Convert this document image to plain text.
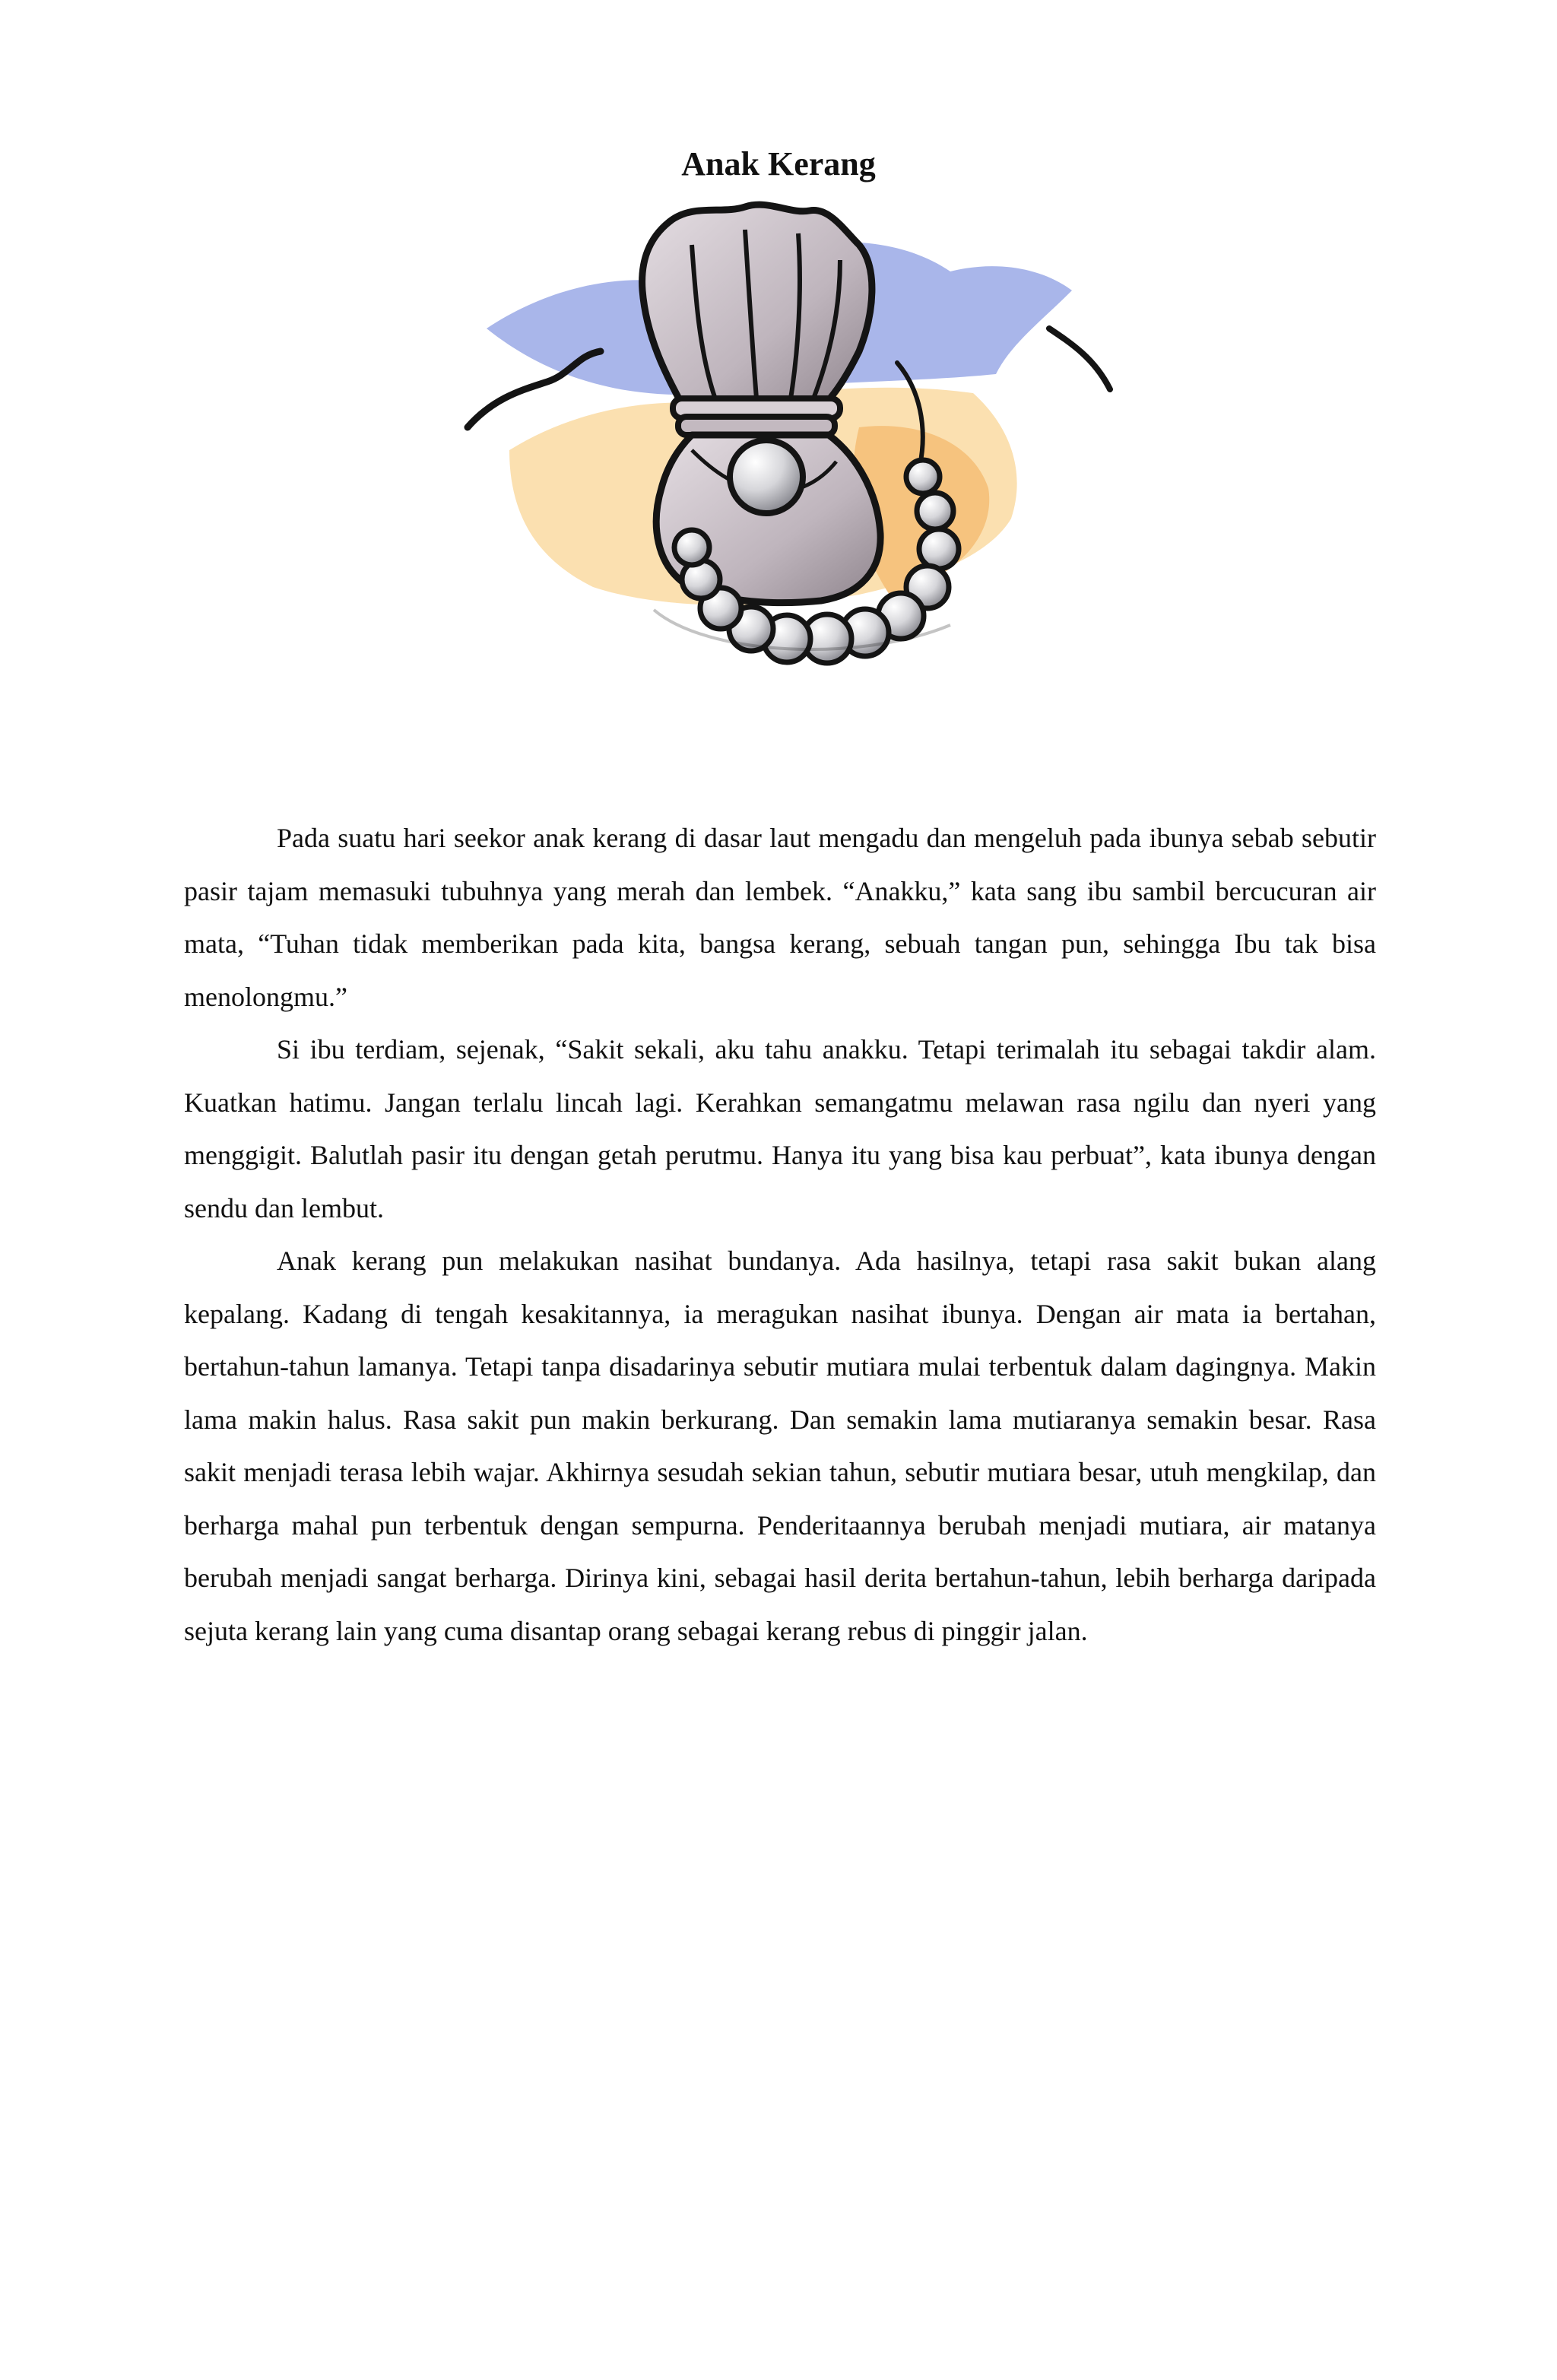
Anak Kerang

Pada suatu hari seekor anak kerang di dasar laut mengadu dan mengeluh pada ibunya sebab sebutir pasir tajam memasuki tubuhnya yang merah dan lembek. “Anakku,” kata sang ibu sambil bercucuran air mata, “Tuhan tidak memberikan pada kita, bangsa kerang, sebuah tangan pun, sehingga Ibu tak bisa menolongmu.”

Si ibu terdiam, sejenak, “Sakit sekali, aku tahu anakku. Tetapi terimalah itu sebagai takdir alam. Kuatkan hatimu. Jangan terlalu lincah lagi. Kerahkan semangatmu melawan rasa ngilu dan nyeri yang menggigit. Balutlah pasir itu dengan getah perutmu. Hanya itu yang bisa kau perbuat”, kata ibunya dengan sendu dan lembut.

Anak kerang pun melakukan nasihat bundanya. Ada hasilnya, tetapi rasa sakit bukan alang kepalang. Kadang di tengah kesakitannya, ia meragukan nasihat ibunya. Dengan air mata ia bertahan, bertahun-tahun lamanya. Tetapi tanpa disadarinya sebutir mutiara mulai terbentuk dalam dagingnya. Makin lama makin halus. Rasa sakit pun makin berkurang. Dan semakin lama mutiaranya semakin besar. Rasa sakit menjadi terasa lebih wajar. Akhirnya sesudah sekian tahun, sebutir mutiara besar, utuh mengkilap, dan berharga mahal pun terbentuk dengan sempurna. Penderitaannya berubah menjadi mutiara, air matanya berubah menjadi sangat berharga. Dirinya kini, sebagai hasil derita bertahun-tahun, lebih berharga daripada sejuta kerang lain yang cuma disantap orang sebagai kerang rebus di pinggir jalan.
